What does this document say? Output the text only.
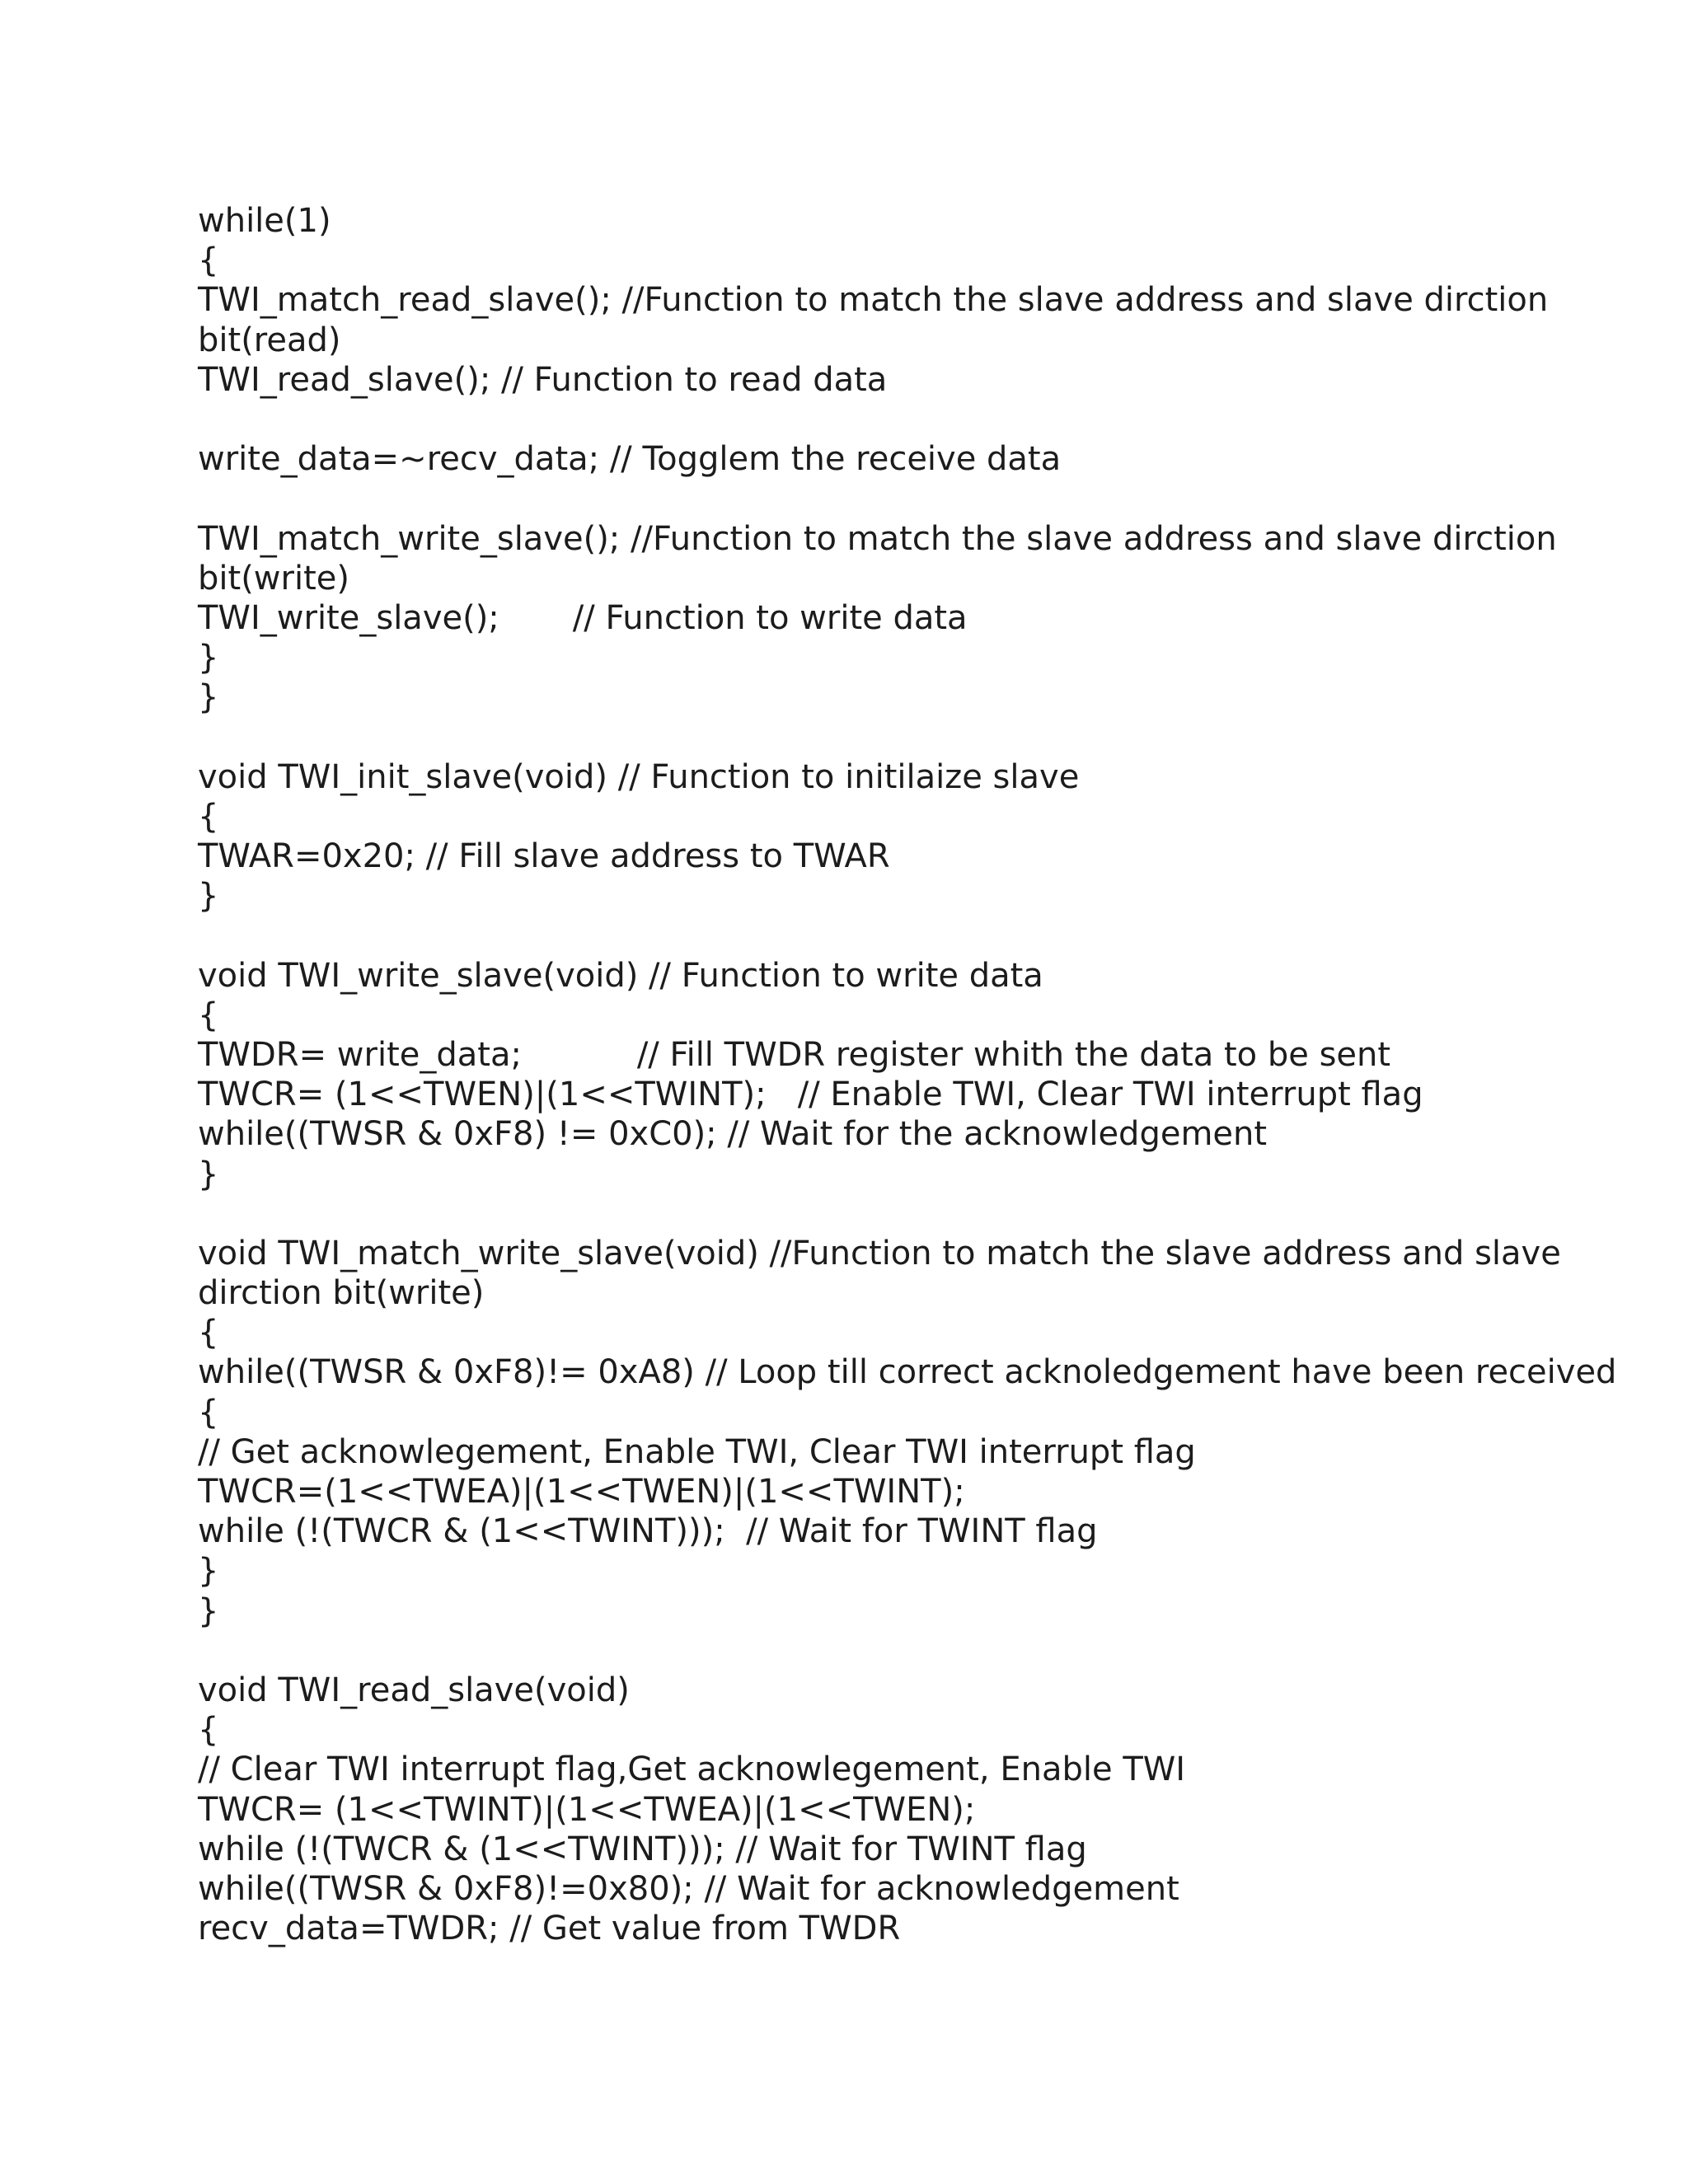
while(1)
{
TWI_match_read_slave(); //Function to match the slave address and slave dirction
bit(read)
TWI_read_slave(); // Function to read data
write_data=~recv_data; // Togglem the receive data
TWI_match_write_slave(); //Function to match the slave address and slave dirction
bit(write)
TWI_write_slave();       // Function to write data
}
}
void TWI_init_slave(void) // Function to initilaize slave
{
TWAR=0x20; // Fill slave address to TWAR
}
void TWI_write_slave(void) // Function to write data
{
TWDR= write_data;           // Fill TWDR register whith the data to be sent
TWCR= (1<<TWEN)|(1<<TWINT);   // Enable TWI, Clear TWI interrupt flag
while((TWSR & 0xF8) != 0xC0); // Wait for the acknowledgement
}
void TWI_match_write_slave(void) //Function to match the slave address and slave
dirction bit(write)
{
while((TWSR & 0xF8)!= 0xA8) // Loop till correct acknoledgement have been received
{
// Get acknowlegement, Enable TWI, Clear TWI interrupt flag
TWCR=(1<<TWEA)|(1<<TWEN)|(1<<TWINT);
while (!(TWCR & (1<<TWINT)));  // Wait for TWINT flag
}
}
void TWI_read_slave(void)
{
// Clear TWI interrupt flag,Get acknowlegement, Enable TWI
TWCR= (1<<TWINT)|(1<<TWEA)|(1<<TWEN);
while (!(TWCR & (1<<TWINT))); // Wait for TWINT flag
while((TWSR & 0xF8)!=0x80); // Wait for acknowledgement
recv_data=TWDR; // Get value from TWDR
